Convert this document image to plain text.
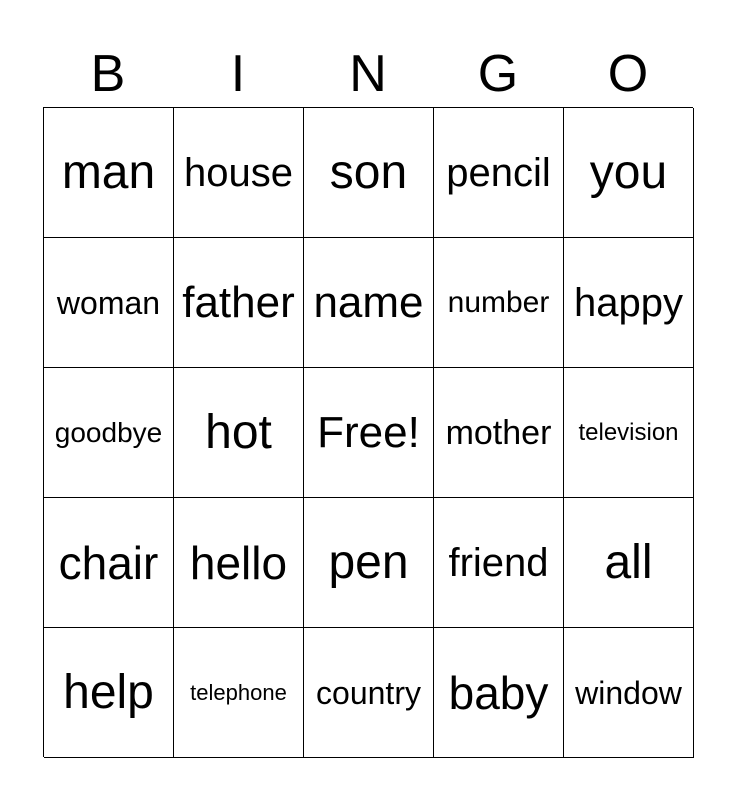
B	I	N	G	O
man house son pencil you
woman father name number happy
goodbye hot Free! mother television
chair hello pen friend all
help telephone country baby window
